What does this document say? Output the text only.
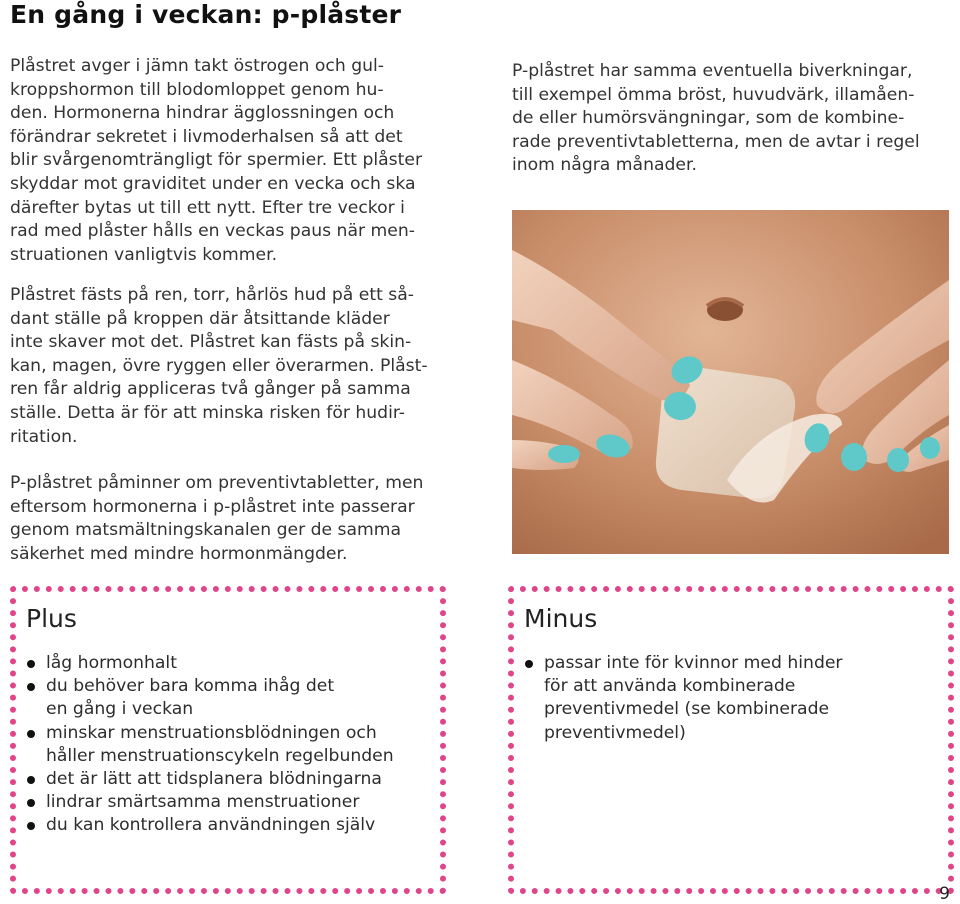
En gång i veckan: p-plåster
Plåstret avger i jämn takt östrogen och gul-
kroppshormon till blodomloppet genom hu-
den. Hormonerna hindrar ägglossningen och
förändrar sekretet i livmoderhalsen så att det
blir svårgenomträngligt för spermier. Ett plåster
skyddar mot graviditet under en vecka och ska
därefter bytas ut till ett nytt. Efter tre veckor i
rad med plåster hålls en veckas paus när men-
struationen vanligtvis kommer.
Plåstret fästs på ren, torr, hårlös hud på ett så-
dant ställe på kroppen där åtsittande kläder
inte skaver mot det. Plåstret kan fästs på skin-
kan, magen, övre ryggen eller överarmen. Plåst-
ren får aldrig appliceras två gånger på samma
ställe. Detta är för att minska risken för hudir-
ritation.
P-plåstret påminner om preventivtabletter, men
eftersom hormonerna i p-plåstret inte passerar
genom matsmältningskanalen ger de samma
säkerhet med mindre hormonmängder.
P-plåstret har samma eventuella biverkningar,
till exempel ömma bröst, huvudvärk, illamåen-
de eller humörsvängningar, som de kombine-
rade preventivtabletterna, men de avtar i regel
inom några månader.
Plus
låg hormonhalt
du behöver bara komma ihåg det
en gång i veckan
minskar menstruationsblödningen och
håller menstruationscykeln regelbunden
det är lätt att tidsplanera blödningarna
lindrar smärtsamma menstruationer
du kan kontrollera användningen själv
Minus
passar inte för kvinnor med hinder
för att använda kombinerade
preventivmedel (se kombinerade
preventivmedel)
9
